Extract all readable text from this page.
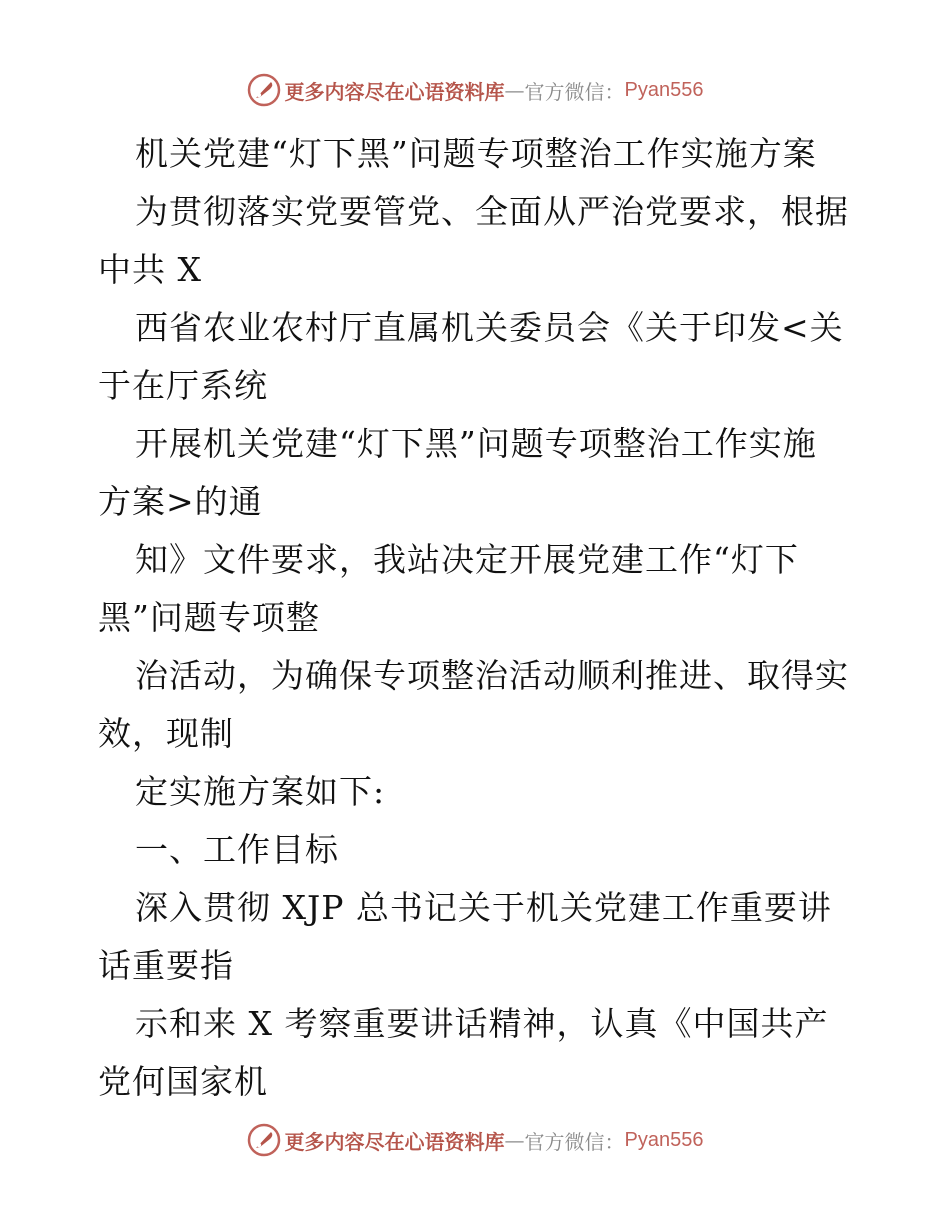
更多内容尽在心语资料库 — 官方微信： Pyan556
机关党建“灯下黑”问题专项整治工作实施方案
为贯彻落实党要管党、全面从严治党要求，根据
中共 X
西省农业农村厅直属机关委员会《关于印发<关
于在厅系统
开展机关党建“灯下黑”问题专项整治工作实施
方案>的通
知》文件要求，我站决定开展党建工作“灯下
黑”问题专项整
治活动，为确保专项整治活动顺利推进、取得实
效，现制
定实施方案如下:
一、工作目标
深入贯彻 XJP 总书记关于机关党建工作重要讲
话重要指
示和来 X 考察重要讲话精神，认真《中国共产
党何国家机
更多内容尽在心语资料库 — 官方微信： Pyan556
